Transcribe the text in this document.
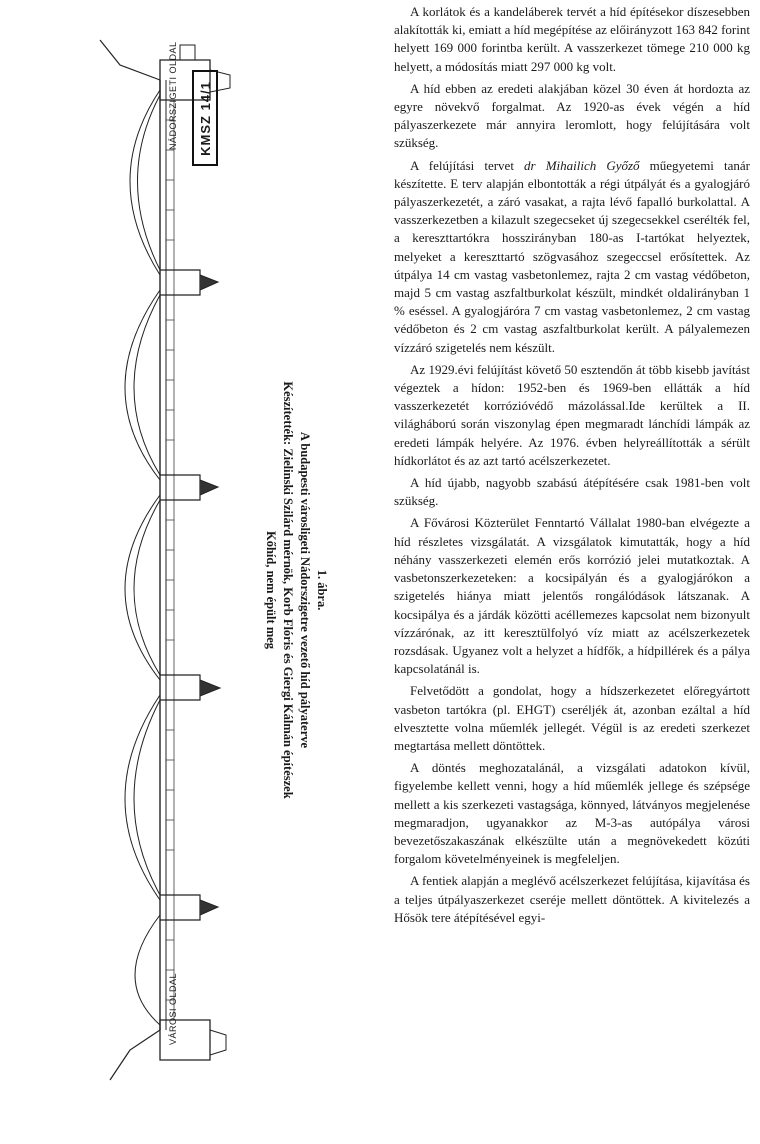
KMSZ 14/1
NÁDORSZIGETI OLDAL
VÁROSI OLDAL
1. ábra.
A budapesti városligeti Nádorszigetre vezető híd pályaterve
Készítették: Zielinski Szilárd mérnök, Korb Flóris és Giergi Kálmán építészek
Kőhíd, nem épült meg

A korlátok és a kandeláberek tervét a híd építésekor díszesebben alakították ki, emiatt a híd megépítése az előirányzott 163 842 forint helyett 169 000 forintba került. A vasszerkezet tömege 210 000 kg helyett, a módosítás miatt 297 000 kg volt.

A híd ebben az eredeti alakjában közel 30 éven át hordozta az egyre növekvő forgalmat. Az 1920-as évek végén a híd pályaszerkezete már annyira leromlott, hogy felújítására volt szükség.

A felújítási tervet dr Mihailich Győző műegyetemi tanár készítette. E terv alapján elbontották a régi útpályát és a gyalogjáró pályaszerkezetét, a záró vasakat, a rajta lévő fapalló burkolattal. A vasszerkezetben a kilazult szegecseket új szegecsekkel cserélték fel, a kereszttartókra hosszirányban 180-as I-tartókat helyeztek, melyeket a kereszttartó szögvasához szegeccsel erősítettek. Az útpálya 14 cm vastag vasbetonlemez, rajta 2 cm vastag védőbeton, majd 5 cm vastag aszfaltburkolat készült, mindkét oldalirányban 1 % eséssel. A gyalogjáróra 7 cm vastag vasbetonlemez, 2 cm vastag védőbeton és 2 cm vastag aszfaltburkolat került. A pályalemezen vízzáró szigetelés nem készült.

Az 1929.évi felújítást követő 50 esztendőn át több kisebb javítást végeztek a hídon: 1952-ben és 1969-ben ellátták a híd vasszerkezetét korrózióvédő mázolással.Ide kerültek a II. világháború során viszonylag épen megmaradt lánchídi lámpák az eredeti lámpák helyére. Az 1976. évben helyreállították a sérült hídkorlátot és az azt tartó acélszerkezetet.

A híd újabb, nagyobb szabású átépítésére csak 1981-ben volt szükség.

A Fővárosi Közterület Fenntartó Vállalat 1980-ban elvégezte a híd részletes vizsgálatát. A vizsgálatok kimutatták, hogy a híd néhány vasszerkezeti elemén erős korrózió jelei mutatkoztak. A vasbetonszerkezeteken: a kocsipályán és a gyalogjárókon a szigetelés hiánya miatt jelentős rongálódások látszanak. A kocsipálya és a járdák közötti acéllemezes kapcsolat nem bizonyult vízzárónak, az itt keresztülfolyó víz miatt az acélszerkezetek rozsdásak. Ugyanez volt a helyzet a hídfők, a hídpillérek és a pálya kapcsolatánál is.

Felvetődött a gondolat, hogy a hídszerkezetet előregyártott vasbeton tartókra (pl. EHGT) cseréljék át, azonban ezáltal a híd elvesztette volna műemlék jellegét. Végül is az eredeti szerkezet megtartása mellett döntöttek.

A döntés meghozatalánál, a vizsgálati adatokon kívül, figyelembe kellett venni, hogy a híd műemlék jellege és szépsége mellett a kis szerkezeti vastagsága, könnyed, látványos megjelenése megmaradjon, ugyanakkor az M-3-as autópálya városi bevezetőszakaszának elkészülte után a megnövekedett közúti forgalom követelményeinek is megfeleljen.

A fentiek alapján a meglévő acélszerkezet felújítása, kijavítása és a teljes útpályaszerkezet cseréje mellett döntöttek. A kivitelezés a Hősök tere átépítésével egyi-
